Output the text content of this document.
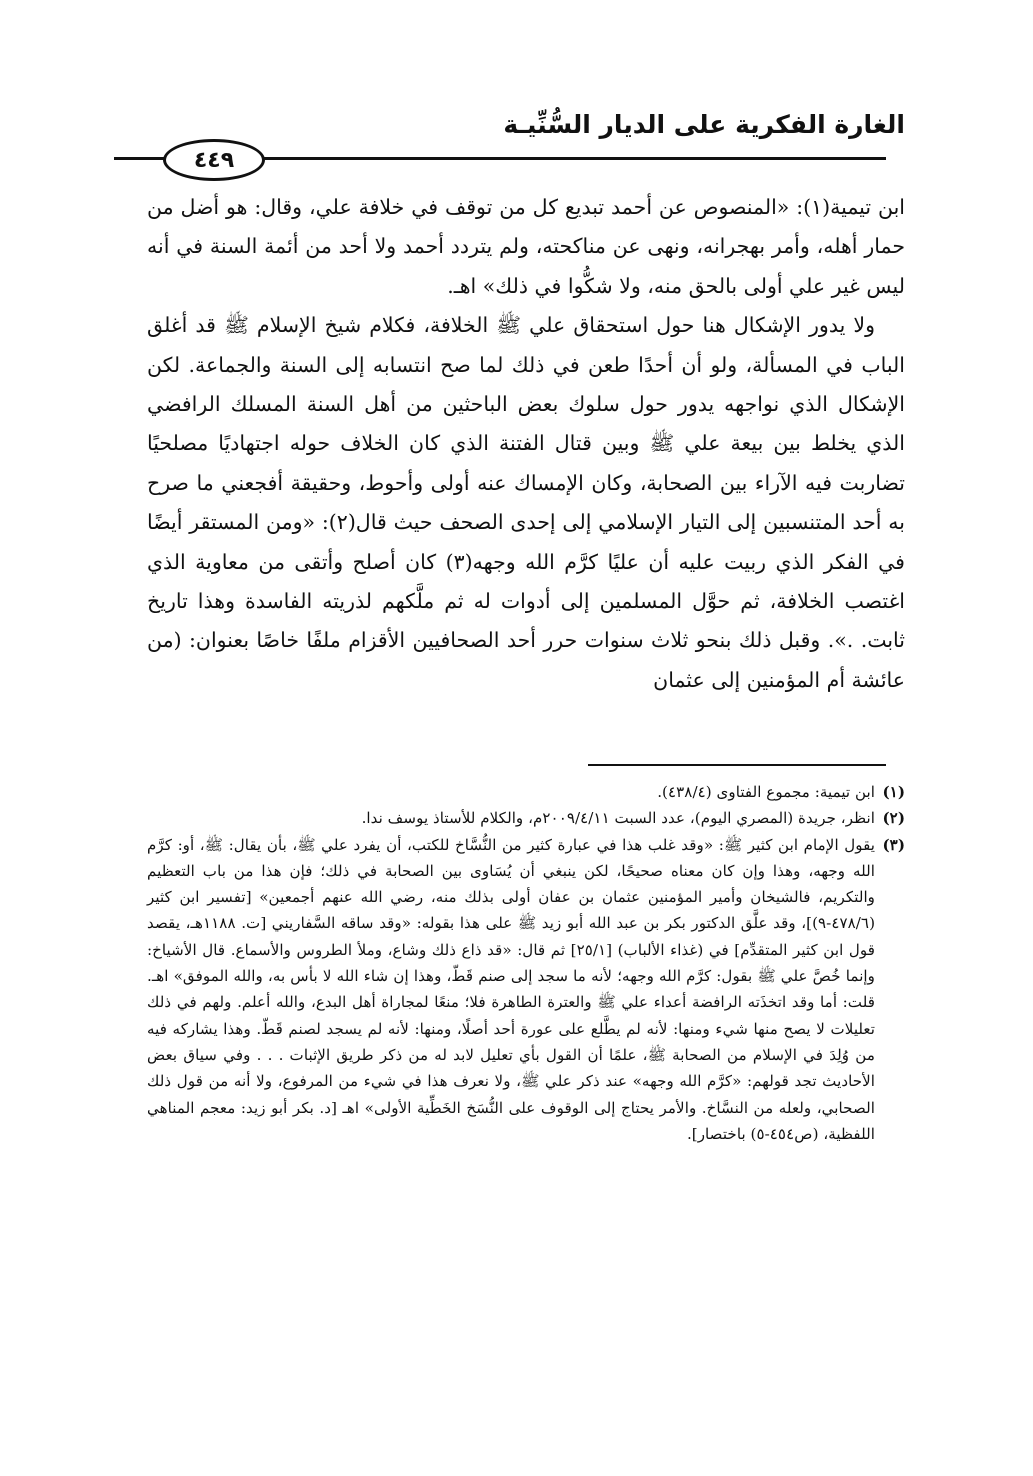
الغارة الفكرية على الديار السُّنِّيـة
٤٤٩

ابن تيمية(١): «المنصوص عن أحمد تبديع كل من توقف في خلافة علي، وقال: هو أضل من حمار أهله، وأمر بهجرانه، ونهى عن مناكحته، ولم يتردد أحمد ولا أحد من أئمة السنة في أنه ليس غير علي أولى بالحق منه، ولا شكُّوا في ذلك» اهـ.

ولا يدور الإشكال هنا حول استحقاق علي ﷺ الخلافة، فكلام شيخ الإسلام ﷺ قد أغلق الباب في المسألة، ولو أن أحدًا طعن في ذلك لما صح انتسابه إلى السنة والجماعة. لكن الإشكال الذي نواجهه يدور حول سلوك بعض الباحثين من أهل السنة المسلك الرافضي الذي يخلط بين بيعة علي ﷺ وبين قتال الفتنة الذي كان الخلاف حوله اجتهاديًا مصلحيًا تضاربت فيه الآراء بين الصحابة، وكان الإمساك عنه أولى وأحوط، وحقيقة أفجعني ما صرح به أحد المتنسبين إلى التيار الإسلامي إلى إحدى الصحف حيث قال(٢): «ومن المستقر أيضًا في الفكر الذي ربيت عليه أن عليًا كرَّم الله وجهه(٣) كان أصلح وأتقى من معاوية الذي اغتصب الخلافة، ثم حوَّل المسلمين إلى أدوات له ثم ملَّكهم لذريته الفاسدة وهذا تاريخ ثابت. .». وقبل ذلك بنحو ثلاث سنوات حرر أحد الصحافيين الأقزام ملفًا خاصًا بعنوان: (من عائشة أم المؤمنين إلى عثمان

(١)
ابن تيمية: مجموع الفتاوى (٤٣٨/٤).
(٢)
انظر، جريدة (المصري اليوم)، عدد السبت ٢٠٠٩/٤/١١م، والكلام للأستاذ يوسف ندا.
(٣)
يقول الإمام ابن كثير ﷺ: «وقد غلب هذا في عبارة كثير من النُّسَّاخ للكتب، أن يفرد علي ﷺ، بأن يقال: ﷺ، أو: كرَّم الله وجهه، وهذا وإن كان معناه صحيحًا، لكن ينبغي أن يُسَاوى بين الصحابة في ذلك؛ فإن هذا من باب التعظيم والتكريم، فالشيخان وأمير المؤمنين عثمان بن عفان أولى بذلك منه، رضي الله عنهم أجمعين» [تفسير ابن كثير (٤٧٨/٦-٩)]، وقد علَّق الدكتور بكر بن عبد الله أبو زيد ﷺ على هذا بقوله: «وقد ساقه السَّفاريني [ت. ١١٨٨هـ، يقصد قول ابن كثير المتقدِّم] في (غذاء الألباب) [٢٥/١] ثم قال: «قد ذاع ذلك وشاع، وملأ الطروس والأسماع. قال الأشياخ: وإنما خُصَّ علي ﷺ بقول: كرَّم الله وجهه؛ لأنه ما سجد إلى صنم قَطّ، وهذا إن شاء الله لا بأس به، والله الموفق» اهـ. قلت: أما وقد اتخذَته الرافضة أعداء علي ﷺ والعترة الطاهرة فلا؛ منعًا لمجاراة أهل البدع، والله أعلم. ولهم في ذلك تعليلات لا يصح منها شيء ومنها: لأنه لم يطَّلع على عورة أحد أصلًا، ومنها: لأنه لم يسجد لصنم قَطّ. وهذا يشاركه فيه من وُلِدَ في الإسلام من الصحابة ﷺ، علمًا أن القول بأي تعليل لابد له من ذكر طريق الإثبات . . . وفي سياق بعض الأحاديث تجد قولهم: «كرَّم الله وجهه» عند ذكر علي ﷺ، ولا نعرف هذا في شيء من المرفوع، ولا أنه من قول ذلك الصحابي، ولعله من النسَّاخ. والأمر يحتاج إلى الوقوف على النُّسَخ الخَطِّية الأولى» اهـ [د. بكر أبو زيد: معجم المناهي اللفظية، (ص٤٥٤-٥) باختصار].
